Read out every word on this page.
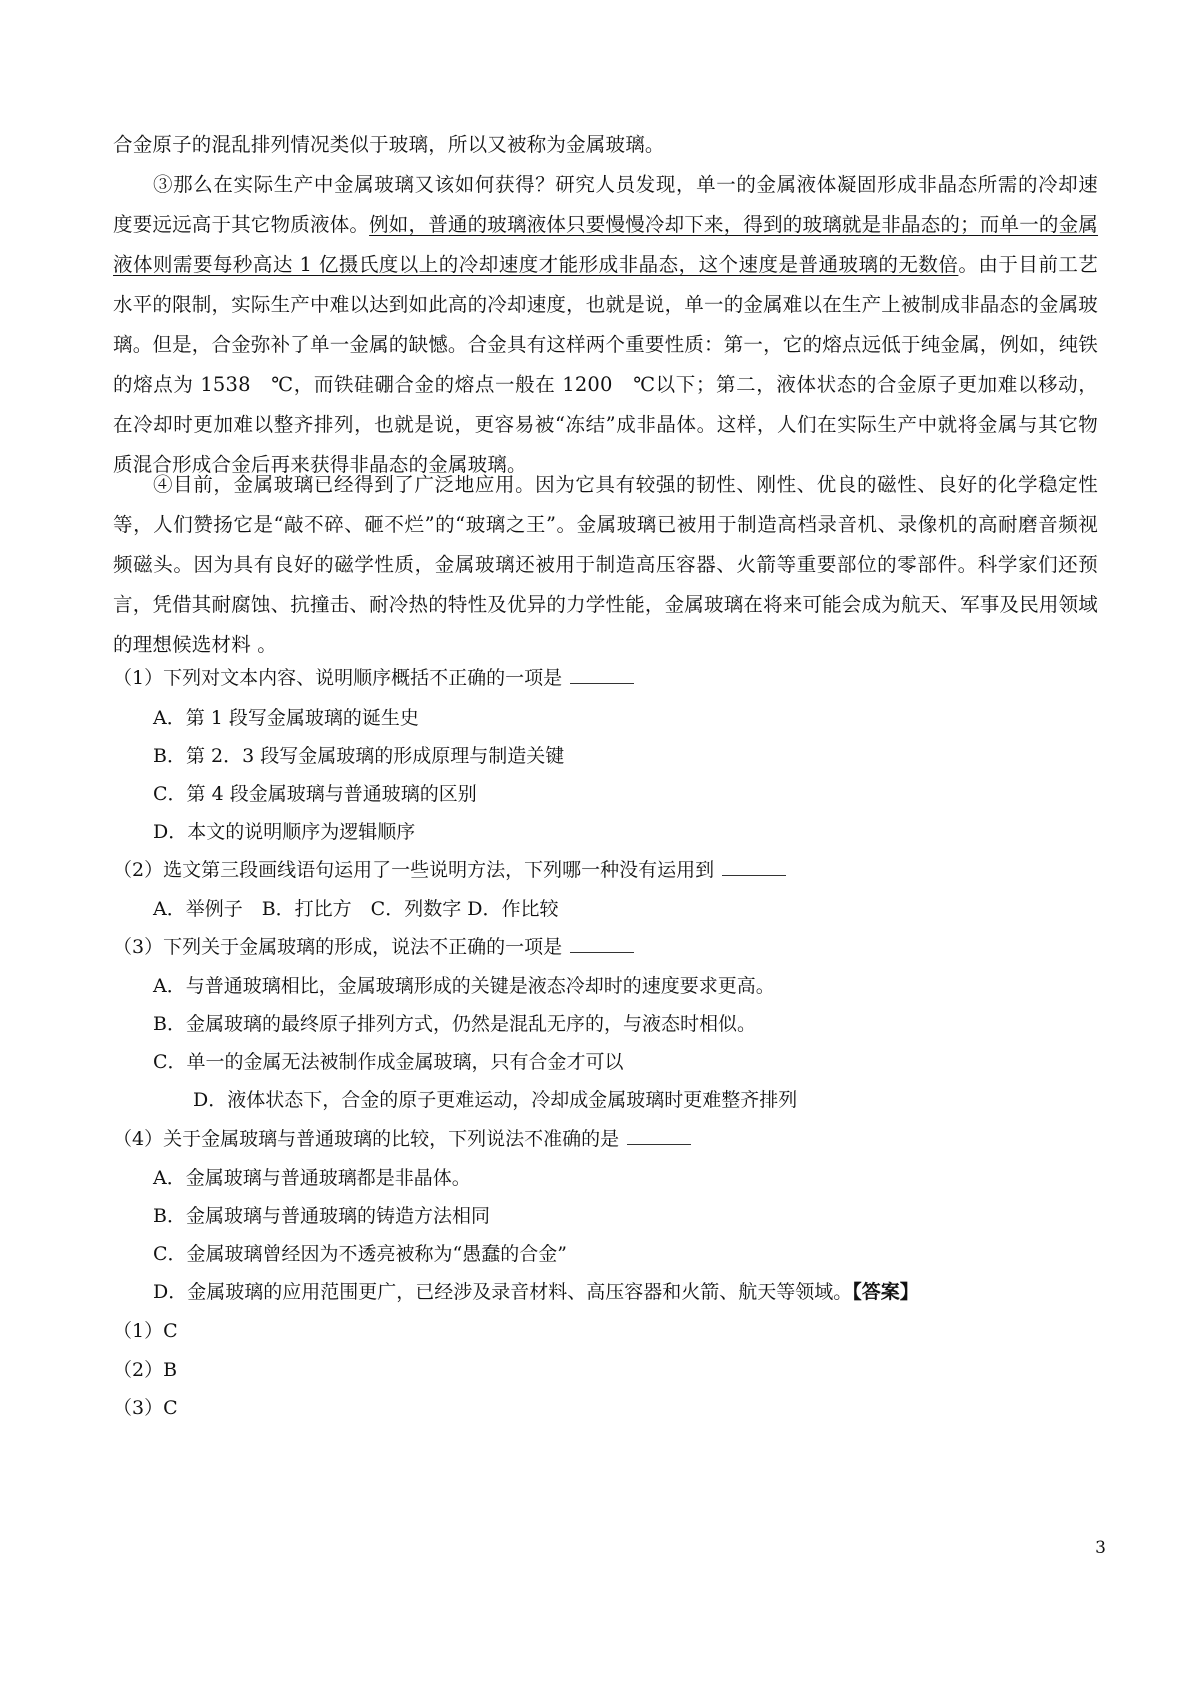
合金原子的混乱排列情况类似于玻璃，所以又被称为金属玻璃。
③那么在实际生产中金属玻璃又该如何获得？研究人员发现，单一的金属液体凝固形成非晶态所需的冷却速度要远远高于其它物质液体。例如，普通的玻璃液体只要慢慢冷却下来，得到的玻璃就是非晶态的；而单一的金属液体则需要每秒高达 1 亿摄氏度以上的冷却速度才能形成非晶态，这个速度是普通玻璃的无数倍。由于目前工艺水平的限制，实际生产中难以达到如此高的冷却速度，也就是说，单一的金属难以在生产上被制成非晶态的金属玻璃。但是，合金弥补了单一金属的缺憾。合金具有这样两个重要性质：第一，它的熔点远低于纯金属，例如，纯铁的熔点为 1538　℃，而铁硅硼合金的熔点一般在 1200　℃以下；第二，液体状态的合金原子更加难以移动，在冷却时更加难以整齐排列，也就是说，更容易被“冻结”成非晶体。这样，人们在实际生产中就将金属与其它物质混合形成合金后再来获得非晶态的金属玻璃。
④目前，金属玻璃已经得到了广泛地应用。因为它具有较强的韧性、刚性、优良的磁性、良好的化学稳定性等，人们赞扬它是“敲不碎、砸不烂”的“玻璃之王”。金属玻璃已被用于制造高档录音机、录像机的高耐磨音频视频磁头。因为具有良好的磁学性质，金属玻璃还被用于制造高压容器、火箭等重要部位的零部件。科学家们还预言，凭借其耐腐蚀、抗撞击、耐冷热的特性及优异的力学性能，金属玻璃在将来可能会成为航天、军事及民用领域的理想候选材料 。
（1）下列对文本内容、说明顺序概括不正确的一项是
A．第 1 段写金属玻璃的诞生史
B．第 2．3 段写金属玻璃的形成原理与制造关键
C．第 4 段金属玻璃与普通玻璃的区别
D．本文的说明顺序为逻辑顺序
（2）选文第三段画线语句运用了一些说明方法，下列哪一种没有运用到
A．举例子　B．打比方　C．列数字 D．作比较
（3）下列关于金属玻璃的形成，说法不正确的一项是
A．与普通玻璃相比，金属玻璃形成的关键是液态冷却时的速度要求更高。
B．金属玻璃的最终原子排列方式，仍然是混乱无序的，与液态时相似。
C．单一的金属无法被制作成金属玻璃，只有合金才可以
D．液体状态下，合金的原子更难运动，冷却成金属玻璃时更难整齐排列
（4）关于金属玻璃与普通玻璃的比较，下列说法不准确的是
A．金属玻璃与普通玻璃都是非晶体。
B．金属玻璃与普通玻璃的铸造方法相同
C．金属玻璃曾经因为不透亮被称为“愚蠢的合金”
D．金属玻璃的应用范围更广，已经涉及录音材料、高压容器和火箭、航天等领域。【答案】
（1）C
（2）B
（3）C
3
